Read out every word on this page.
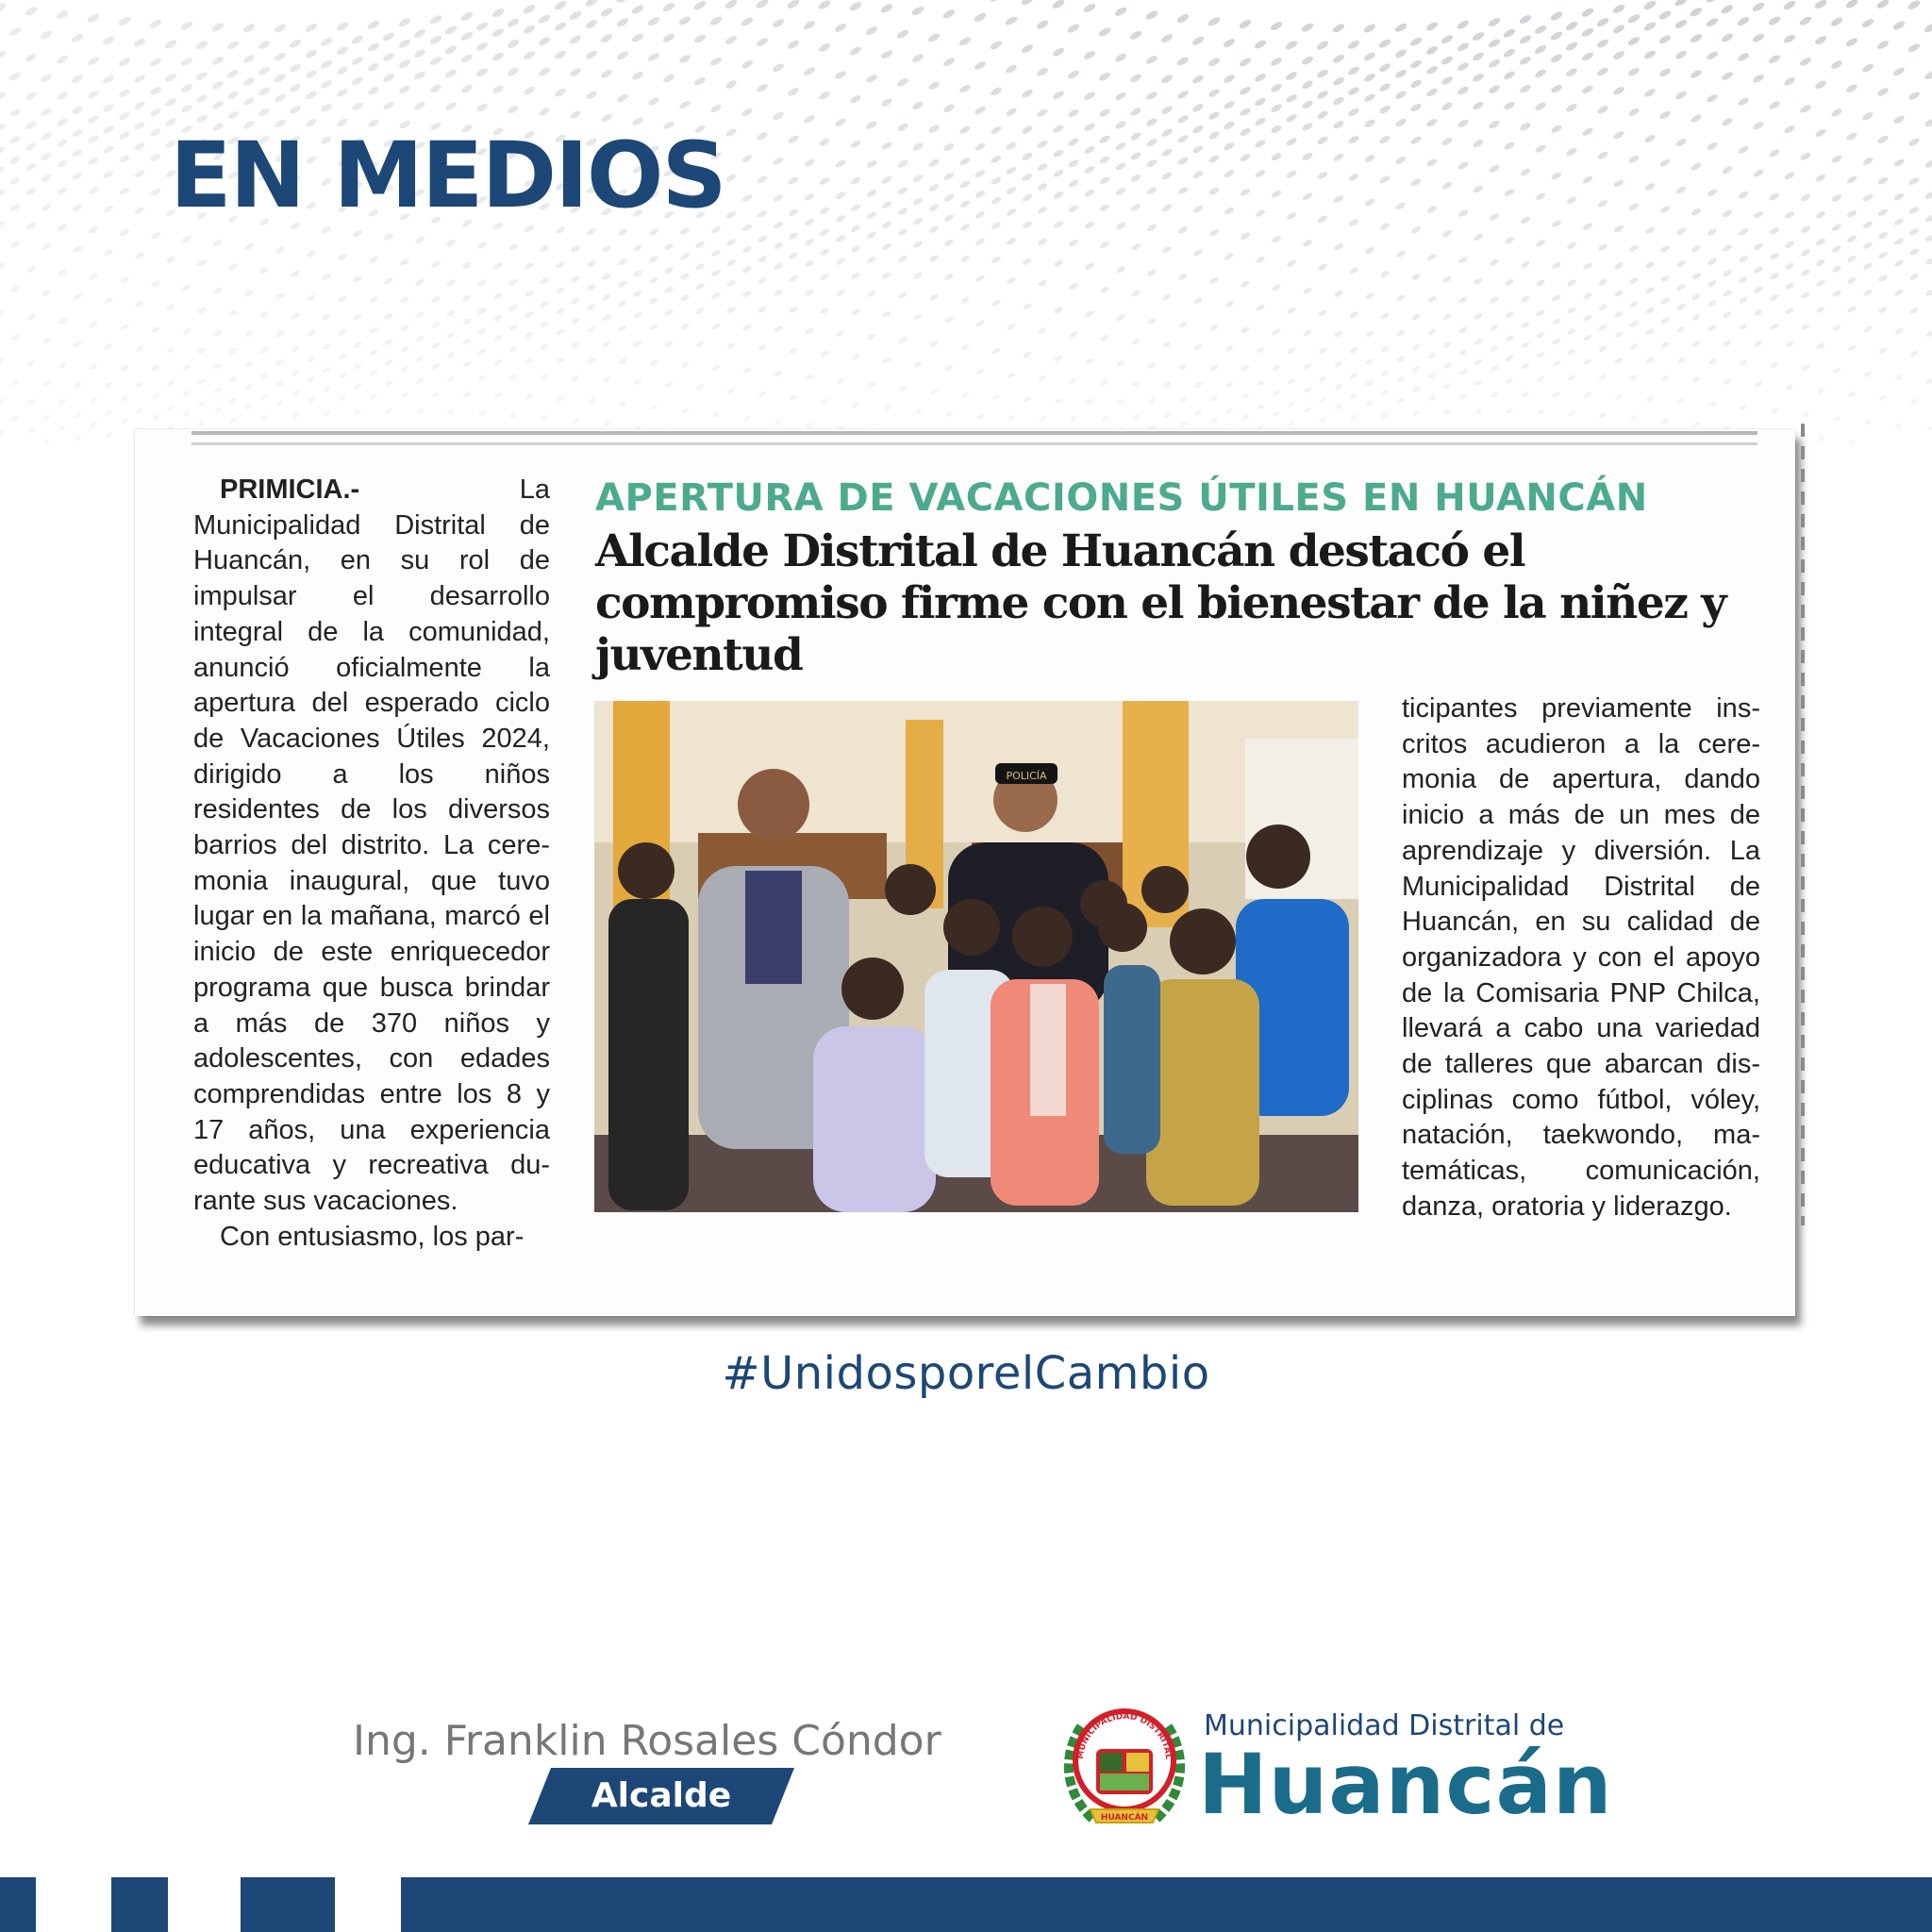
EN MEDIOS

PRIMICIA.-	La Municipalidad Distrital de Huancán, en su rol de impulsar el desarrollo integral de la comunidad, anunció oficialmente la apertura del esperado ciclo de Vacaciones Útiles 2024, dirigido a los niños residentes de los diversos barrios del distrito. La ceremonia inaugural, que tuvo lugar en la mañana, marcó el inicio de este enriquecedor programa que busca brindar a más de 370 niños y adolescentes, con edades comprendidas entre los 8 y 17 años, una experiencia educativa y recreativa durante sus vacaciones.

Con entusiasmo, los par-

APERTURA DE VACACIONES ÚTILES EN HUANCÁN
Alcalde Distrital de Huancán destacó el compromiso firme con el bienestar de la niñez y juventud
POLICÍA

ticipantes previamente inscritos acudieron a la ceremonia de apertura, dando inicio a más de un mes de aprendizaje y diversión. La Municipalidad Distrital de Huancán, en su calidad de organizadora y con el apoyo de la Comisaria PNP Chilca, llevará a cabo una variedad de talleres que abarcan disciplinas como fútbol, vóley, natación, taekwondo, matemáticas, comunicación, danza, oratoria y liderazgo.

#UnidosporelCambio
Ing. Franklin Rosales Cóndor
Alcalde
MUNICIPALIDAD DISTRITAL
HUANCÁN
Municipalidad Distrital de
Huancán
